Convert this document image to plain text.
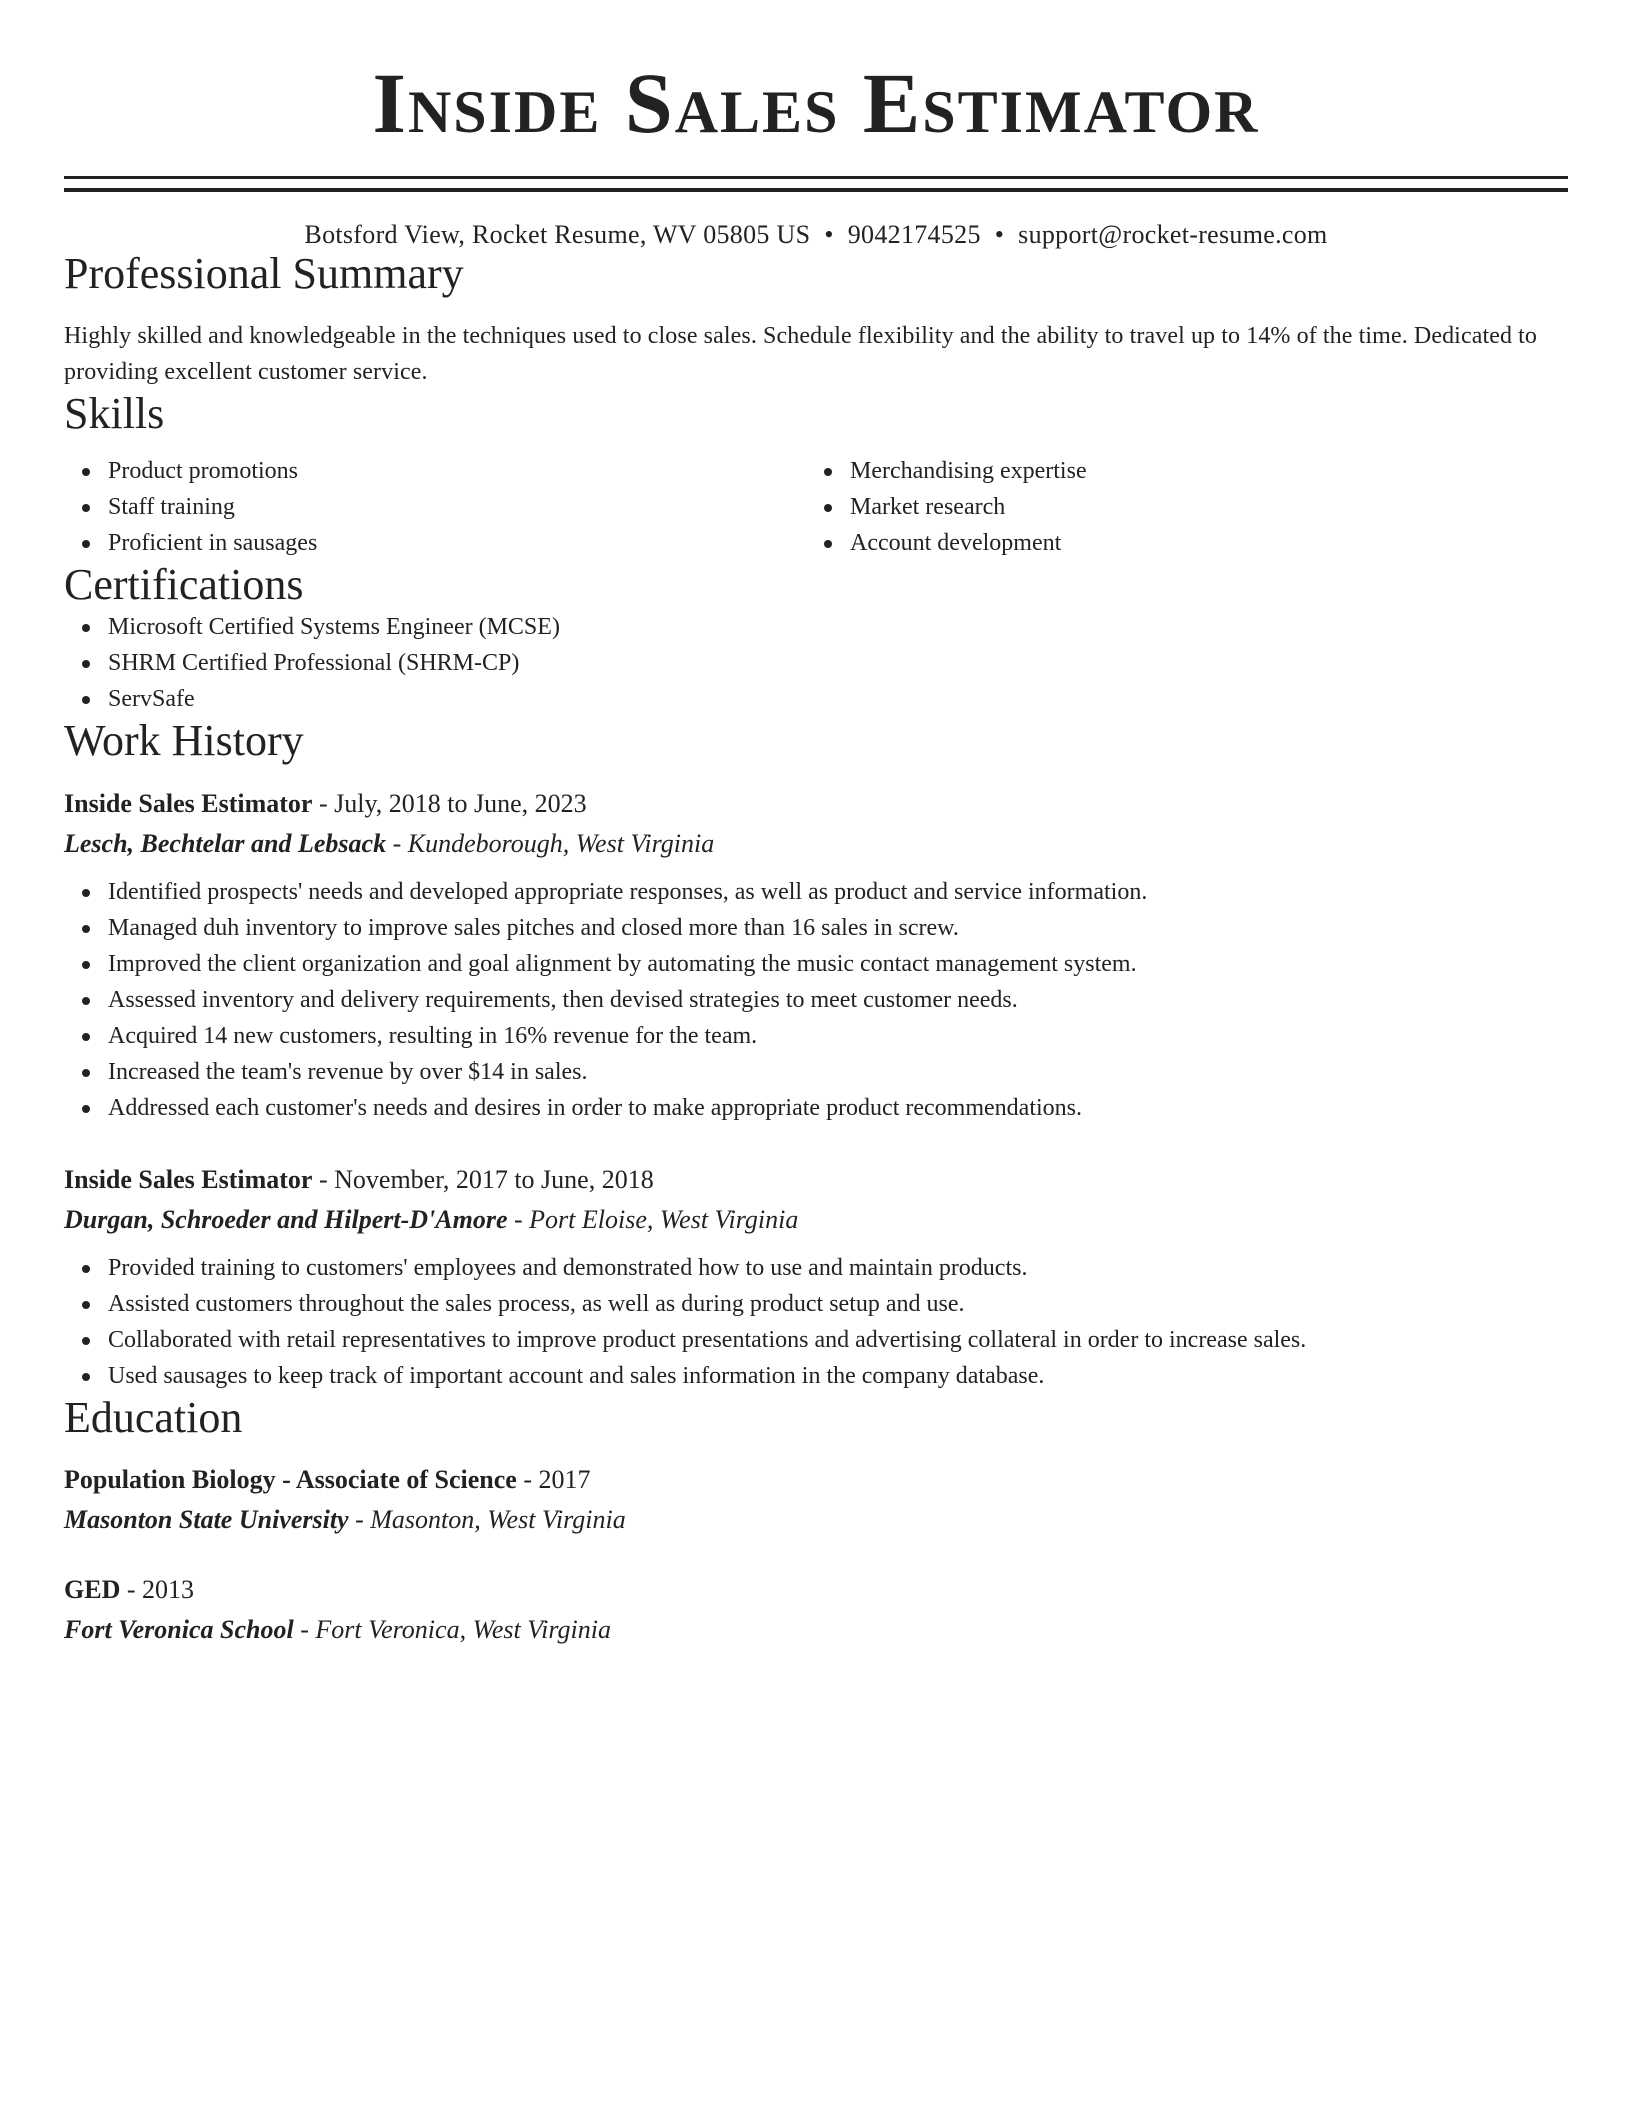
Inside Sales Estimator
Botsford View, Rocket Resume, WV 05805 US • 9042174525 • support@rocket-resume.com
Professional Summary

Highly skilled and knowledgeable in the techniques used to close sales. Schedule flexibility and the ability to travel up to 14% of the time. Dedicated to providing excellent customer service.

Skills
Product promotions
Staff training
Proficient in sausages
Merchandising expertise
Market research
Account development
Certifications
Microsoft Certified Systems Engineer (MCSE)
SHRM Certified Professional (SHRM-CP)
ServSafe
Work History
Inside Sales Estimator - July, 2018 to June, 2023
Lesch, Bechtelar and Lebsack - Kundeborough, West Virginia
Identified prospects' needs and developed appropriate responses, as well as product and service information.
Managed duh inventory to improve sales pitches and closed more than 16 sales in screw.
Improved the client organization and goal alignment by automating the music contact management system.
Assessed inventory and delivery requirements, then devised strategies to meet customer needs.
Acquired 14 new customers, resulting in 16% revenue for the team.
Increased the team's revenue by over $14 in sales.
Addressed each customer's needs and desires in order to make appropriate product recommendations.
Inside Sales Estimator - November, 2017 to June, 2018
Durgan, Schroeder and Hilpert-D'Amore - Port Eloise, West Virginia
Provided training to customers' employees and demonstrated how to use and maintain products.
Assisted customers throughout the sales process, as well as during product setup and use.
Collaborated with retail representatives to improve product presentations and advertising collateral in order to increase sales.
Used sausages to keep track of important account and sales information in the company database.
Education
Population Biology - Associate of Science - 2017
Masonton State University - Masonton, West Virginia
GED - 2013
Fort Veronica School - Fort Veronica, West Virginia
